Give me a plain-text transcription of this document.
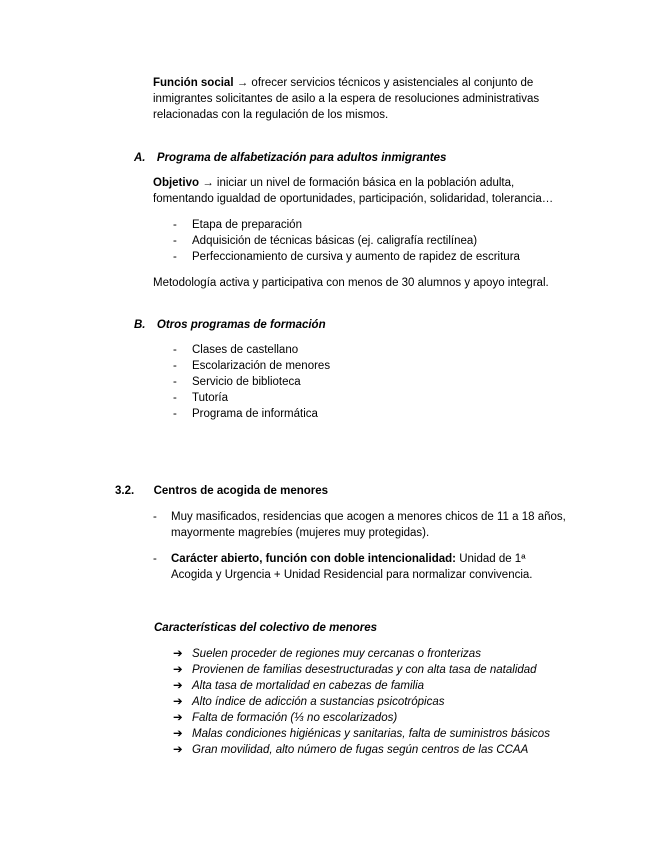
Función social → ofrecer servicios técnicos y asistenciales al conjunto de
inmigrantes solicitantes de asilo a la espera de resoluciones administrativas
relacionadas con la regulación de los mismos.
A. Programa de alfabetización para adultos inmigrantes
Objetivo → iniciar un nivel de formación básica en la población adulta,
fomentando igualdad de oportunidades, participación, solidaridad, tolerancia…
- Etapa de preparación
- Adquisición de técnicas básicas (ej. caligrafía rectilínea)
- Perfeccionamiento de cursiva y aumento de rapidez de escritura
Metodología activa y participativa con menos de 30 alumnos y apoyo integral.
B. Otros programas de formación
- Clases de castellano
- Escolarización de menores
- Servicio de biblioteca
- Tutoría
- Programa de informática
3.2. Centros de acogida de menores
- Muy masificados, residencias que acogen a menores chicos de 11 a 18 años,
mayormente magrebíes (mujeres muy protegidas).
- Carácter abierto, función con doble intencionalidad: Unidad de 1ª
Acogida y Urgencia + Unidad Residencial para normalizar convivencia.
Características del colectivo de menores
➔ Suelen proceder de regiones muy cercanas o fronterizas
➔ Provienen de familias desestructuradas y con alta tasa de natalidad
➔ Alta tasa de mortalidad en cabezas de familia
➔ Alto índice de adicción a sustancias psicotrópicas
➔ Falta de formación (⅓ no escolarizados)
➔ Malas condiciones higiénicas y sanitarias, falta de suministros básicos
➔ Gran movilidad, alto número de fugas según centros de las CCAA
